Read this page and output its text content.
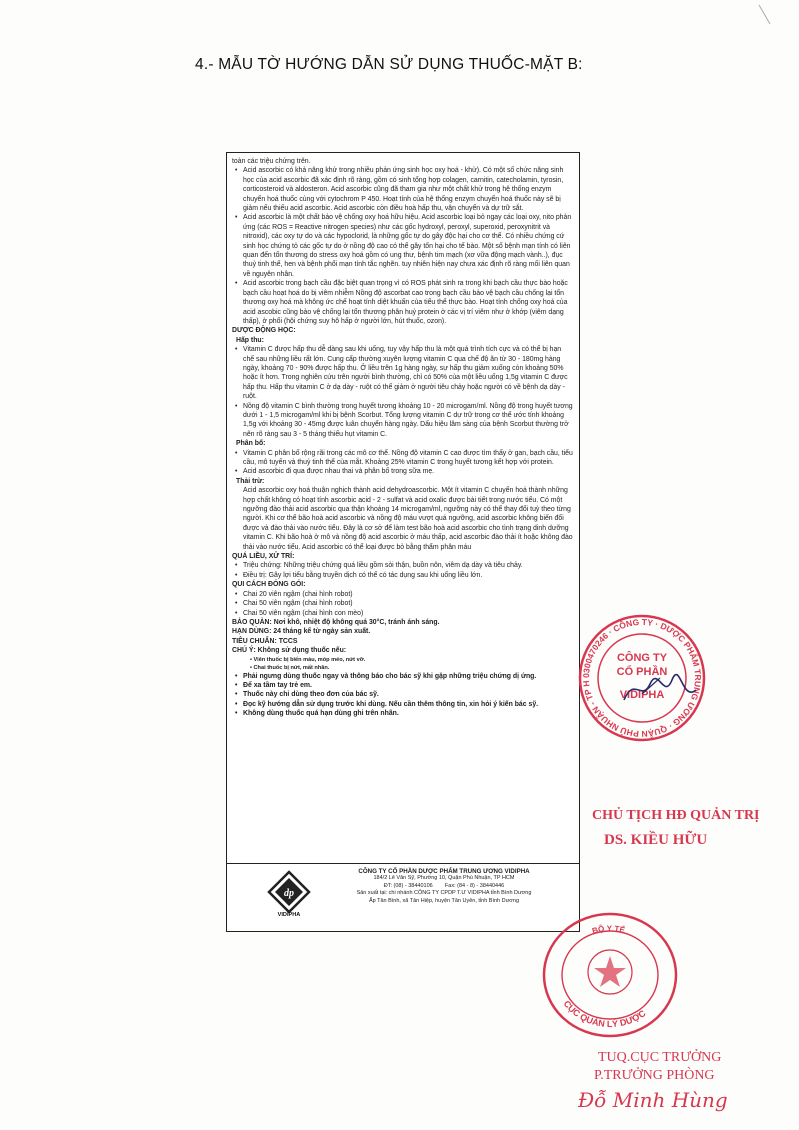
4.- MẪU TỜ HƯỚNG DẪN SỬ DỤNG THUỐC-MẶT B:

toàn các triệu chứng trên.

• Acid ascorbic có khả năng khử trong nhiều phản ứng sinh học oxy hoá - khử). Có một số chức năng sinh học của acid ascorbic đã xác định rõ ràng, gồm có sinh tổng hợp colagen, carnitin, catecholamin, tyrosin, corticosteroid và aldosteron. Acid ascorbic cũng đã tham gia như một chất khử trong hệ thống enzym chuyển hoá thuốc cùng với cytochrom P 450. Hoạt tính của hệ thống enzym chuyển hoá thuốc này sẽ bị giảm nếu thiếu acid ascorbic. Acid ascorbic còn điều hoà hấp thu, vận chuyển và dự trữ sắt.

• Acid ascorbic là một chất bảo vệ chống oxy hoá hữu hiệu. Acid ascorbic loại bỏ ngay các loại oxy, nito phản ứng (các ROS = Reactive nitrogen species) như các gốc hydroxyl, peroxyl, superoxid, peroxynitrit và nitroxid), các oxy tự do và các hypoclorid, là những gốc tự do gây độc hại cho cơ thể. Có nhiều chứng cứ sinh học chứng tỏ các gốc tự do ở nồng độ cao có thể gây tổn hại cho tế bào. Một số bệnh mạn tính có liên quan đến tổn thương do stress oxy hoá gồm có ung thư, bệnh tim mạch (xơ vữa động mạch vành..), đục thuỷ tinh thể, hen và bệnh phổi mạn tính tắc nghẽn. tuy nhiên hiện nay chưa xác định rõ ràng mối liên quan về nguyên nhân.

• Acid ascorbic trong bạch cầu đặc biệt quan trọng vì có ROS phát sinh ra trong khi bạch cầu thực bào hoặc bạch cầu hoạt hoá do bị viêm nhiễm Nồng độ ascorbat cao trong bạch cầu bảo vệ bạch cầu chống lại tổn thương oxy hoá mà không ức chế hoạt tính diệt khuẩn của tiểu thể thực bào. Hoạt tính chống oxy hoá của acid ascobic cũng bảo vệ chống lại tổn thương phân huỷ protein ở các vị trí viêm như ở khớp (viêm dạng thấp), ở phổi (hội chứng suy hô hấp ở người lớn, hút thuốc, ozon).

DƯỢC ĐỘNG HỌC:

Hấp thu:

• Vitamin C được hấp thu dễ dàng sau khi uống, tuy vậy hấp thu là một quá trình tích cực và có thể bị hạn chế sau những liều rất lớn. Cung cấp thường xuyên lượng vitamin C qua chế độ ăn từ 30 - 180mg hàng ngày, khoảng 70 - 90% được hấp thu. Ở liều trên 1g hàng ngày, sự hấp thu giảm xuống còn khoảng 50% hoặc ít hơn. Trong nghiên cứu trên người bình thường, chỉ có 50% của một liều uống 1,5g vitamin C được hấp thu. Hấp thu vitamin C ở dạ dày - ruột có thể giảm ở người tiêu chảy hoặc người có về bệnh dạ dày - ruột.

• Nồng độ vitamin C bình thường trong huyết tương khoảng 10 - 20 microgam/ml. Nồng độ trong huyết tương dưới 1 - 1,5 microgam/ml khi bị bệnh Scorbut. Tổng lượng vitamin C dự trữ trong cơ thể ước tính khoảng 1,5g với khoảng 30 - 45mg được luân chuyển hàng ngày. Dấu hiệu lâm sàng của bệnh Scorbut thường trở nên rõ ràng sau 3 - 5 tháng thiếu hụt vitamin C.

Phân bố:

• Vitamin C phân bố rộng rãi trong các mô cơ thể. Nồng độ vitamin C cao được tìm thấy ở gan, bạch cầu, tiểu cầu, mô tuyến và thuỷ tinh thể của mắt. Khoảng 25% vitamin C trong huyết tương kết hợp với protein.

• Acid ascorbic đi qua được nhau thai và phân bố trong sữa mẹ.

Thải trừ:

Acid ascorbic oxy hoá thuận nghịch thành acid dehydroascorbic. Một ít vitamin C chuyển hoá thành những hợp chất không có hoạt tính ascorbic acid - 2 - sulfat và acid oxalic được bài tiết trong nước tiểu. Có một ngưỡng đào thải acid ascorbic qua thận khoảng 14 microgam/ml, ngưỡng này có thể thay đổi tuỳ theo từng người. Khi cơ thể bão hoà acid ascorbic và nồng độ máu vượt quá ngưỡng, acid ascorbic không biến đổi được và đào thải vào nước tiểu. Đây là cơ sở để làm test bão hoà acid ascorbic cho tình trạng dinh dưỡng vitamin C. Khi bão hoà ở mô và nồng độ acid ascorbic ở máu thấp, acid ascorbic đào thải ít hoặc không đào thải vào nước tiểu. Acid ascorbic có thể loại được bỏ bằng thẩm phân máu

QUÁ LIỀU, XỬ TRÍ:

• Triệu chứng: Những triệu chứng quá liều gồm sỏi thận, buồn nôn, viêm dạ dày và tiêu chảy.

• Điều trị: Gây lợi tiểu bằng truyền dịch có thể có tác dụng sau khi uống liều lớn.

QUI CÁCH ĐÓNG GÓI:

• Chai 20 viên ngậm (chai hình robot)

• Chai 50 viên ngậm (chai hình robot)

• Chai 50 viên ngậm (chai hình con mèo)

BẢO QUẢN: Nơi khô, nhiệt độ không quá 30°C, tránh ánh sáng.

HẠN DÙNG: 24 tháng kể từ ngày sản xuất.

TIÊU CHUẨN: TCCS

CHÚ Ý: Không sử dụng thuốc nếu:

• Viên thuốc bị biến màu, móp méo, nứt vỡ.

• Chai thuốc bị nứt, mất nhãn.

• Phải ngưng dùng thuốc ngay và thông báo cho bác sỹ khi gặp những triệu chứng dị ứng.

• Để xa tầm tay trẻ em.

• Thuốc này chỉ dùng theo đơn của bác sỹ.

• Đọc kỹ hướng dẫn sử dụng trước khi dùng. Nếu cần thêm thông tin, xin hỏi ý kiến bác sỹ.

• Không dùng thuốc quá hạn dùng ghi trên nhãn.

dp
VIDIPHA
CÔNG TY CỔ PHẦN DƯỢC PHẨM TRUNG ƯƠNG VIDIPHA
184/2 Lê Văn Sỹ, Phường 10, Quận Phú Nhuận, TP HCM
ĐT: (08) - 38440106 Fax: (84 - 8) - 38440446
Sản xuất tại: chi nhánh CÔNG TY CPDP T.Ư VIDIPHA tỉnh Bình Dương
Ấp Tân Bình, xã Tân Hiệp, huyện Tân Uyên, tỉnh Bình Dương
0300470246 · CÔNG TY · DƯỢC PHẨM TRUNG ƯƠNG · QUẬN PHÚ NHUẬN - TP H
CÔNG TY
CỔ PHẦN
VIDIPHA
CHỦ TỊCH HĐ QUẢN TRỊ
DS. KIỀU HỮU
BỘ Y TẾ
CỤC QUẢN LÝ DƯỢC
TUQ.CỤC TRƯỞNG
P.TRƯỞNG PHÒNG
Đỗ Minh Hùng
